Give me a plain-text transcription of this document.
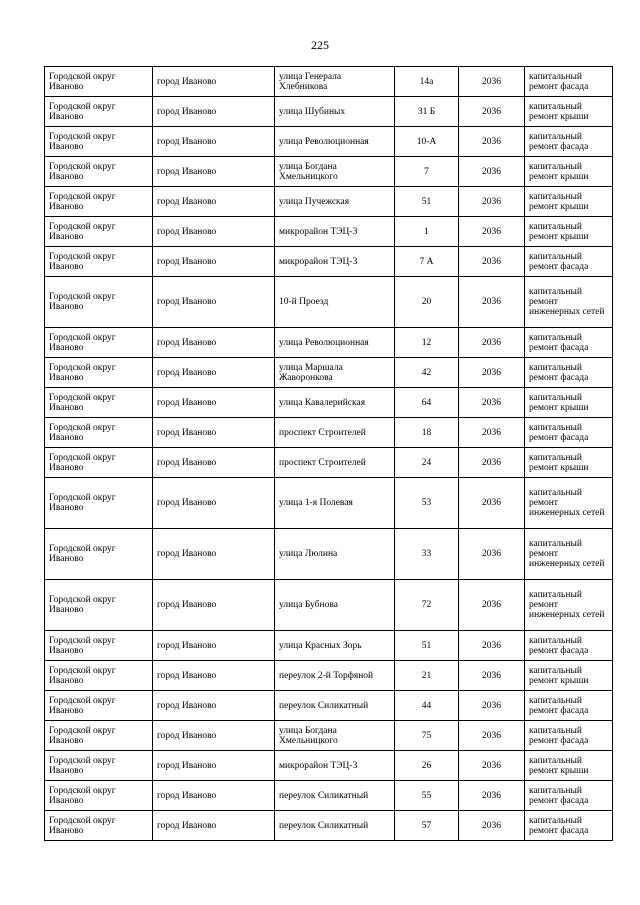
225
Городской округ Иваново	город Иваново	улица Генерала Хлебникова	14а	2036	капитальный ремонт фасада
Городской округ Иваново	город Иваново	улица Шубиных	31 Б	2036	капитальный ремонт крыши
Городской округ Иваново	город Иваново	улица Революционная	10-А	2036	капитальный ремонт фасада
Городской округ Иваново	город Иваново	улица Богдана Хмельницкого	7	2036	капитальный ремонт крыши
Городской округ Иваново	город Иваново	улица Пучежская	51	2036	капитальный ремонт крыши
Городской округ Иваново	город Иваново	микрорайон ТЭЦ-3	1	2036	капитальный ремонт крыши
Городской округ Иваново	город Иваново	микрорайон ТЭЦ-3	7 А	2036	капитальный ремонт фасада
Городской округ Иваново	город Иваново	10-й Проезд	20	2036	капитальный ремонт инженерных сетей
Городской округ Иваново	город Иваново	улица Революционная	12	2036	капитальный ремонт фасада
Городской округ Иваново	город Иваново	улица Маршала Жаворонкова	42	2036	капитальный ремонт фасада
Городской округ Иваново	город Иваново	улица Кавалерийская	64	2036	капитальный ремонт крыши
Городской округ Иваново	город Иваново	проспект Строителей	18	2036	капитальный ремонт фасада
Городской округ Иваново	город Иваново	проспект Строителей	24	2036	капитальный ремонт крыши
Городской округ Иваново	город Иваново	улица 1-я Полевая	53	2036	капитальный ремонт инженерных сетей
Городской округ Иваново	город Иваново	улица Люлина	33	2036	капитальный ремонт инженерных сетей
Городской округ Иваново	город Иваново	улица Бубнова	72	2036	капитальный ремонт инженерных сетей
Городской округ Иваново	город Иваново	улица Красных Зорь	51	2036	капитальный ремонт фасада
Городской округ Иваново	город Иваново	переулок 2-й Торфяной	21	2036	капитальный ремонт крыши
Городской округ Иваново	город Иваново	переулок Силикатный	44	2036	капитальный ремонт фасада
Городской округ Иваново	город Иваново	улица Богдана Хмельницкого	75	2036	капитальный ремонт фасада
Городской округ Иваново	город Иваново	микрорайон ТЭЦ-3	26	2036	капитальный ремонт крыши
Городской округ Иваново	город Иваново	переулок Силикатный	55	2036	капитальный ремонт фасада
Городской округ Иваново	город Иваново	переулок Силикатный	57	2036	капитальный ремонт фасада
